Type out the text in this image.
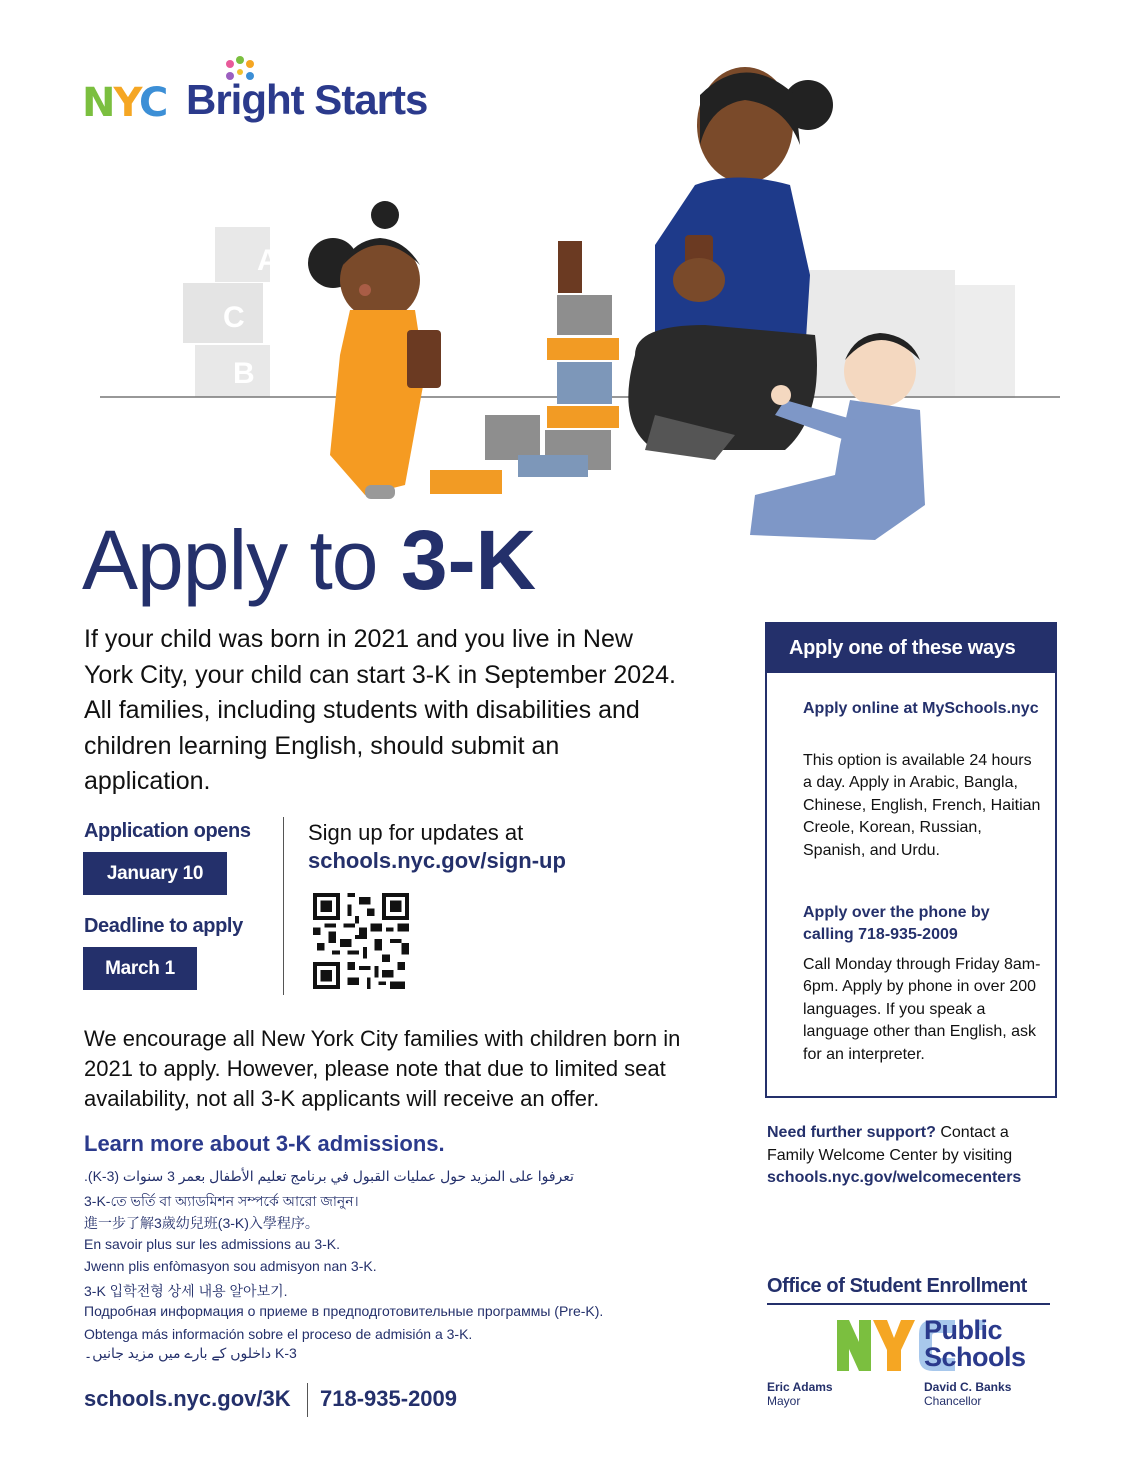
NYC Bright Starts
A
C
B
Apply to 3-K
If your child was born in 2021 and you live in New York City, your child can start 3-K in September 2024. All families, including students with disabilities and children learning English, should submit an application.
Application opens
January 10
Deadline to apply
March 1
Sign up for updates at
schools.nyc.gov/sign-up
We encourage all New York City families with children born in 2021 to apply. However, please note that due to limited seat availability, not all 3-K applicants will receive an offer.
Learn more about 3-K admissions.
تعرفوا على المزيد حول عمليات القبول في برنامج تعليم الأطفال بعمر 3 سنوات (3-K).
3-K-তে ভর্তি বা অ্যাডমিশন সম্পর্কে আরো জানুন।
進一步了解3歲幼兒班(3-K)入學程序。
En savoir plus sur les admissions au 3-K.
Jwenn plis enfòmasyon sou admisyon nan 3-K.
3-K 입학전형 상세 내용 알아보기.
Подробная информация о приеме в предподготовительные программы (Pre-K).
Obtenga más información sobre el proceso de admisión a 3-K.
3-K داخلوں کے بارے میں مزید جانیں۔
schools.nyc.gov/3K 718-935-2009
Apply one of these ways
Apply online at MySchools.nyc
This option is available 24 hours a day. Apply in Arabic, Bangla, Chinese, English, French, Haitian Creole, Korean, Russian, Spanish, and Urdu.
Apply over the phone by calling 718-935-2009
Call Monday through Friday 8am-6pm. Apply by phone in over 200 languages. If you speak a language other than English, ask for an interpreter.
Need further support? Contact a Family Welcome Center by visiting schools.nyc.gov/welcomecenters
Office of Student Enrollment
Public
Schools
Eric Adams
Mayor
David C. Banks
Chancellor
